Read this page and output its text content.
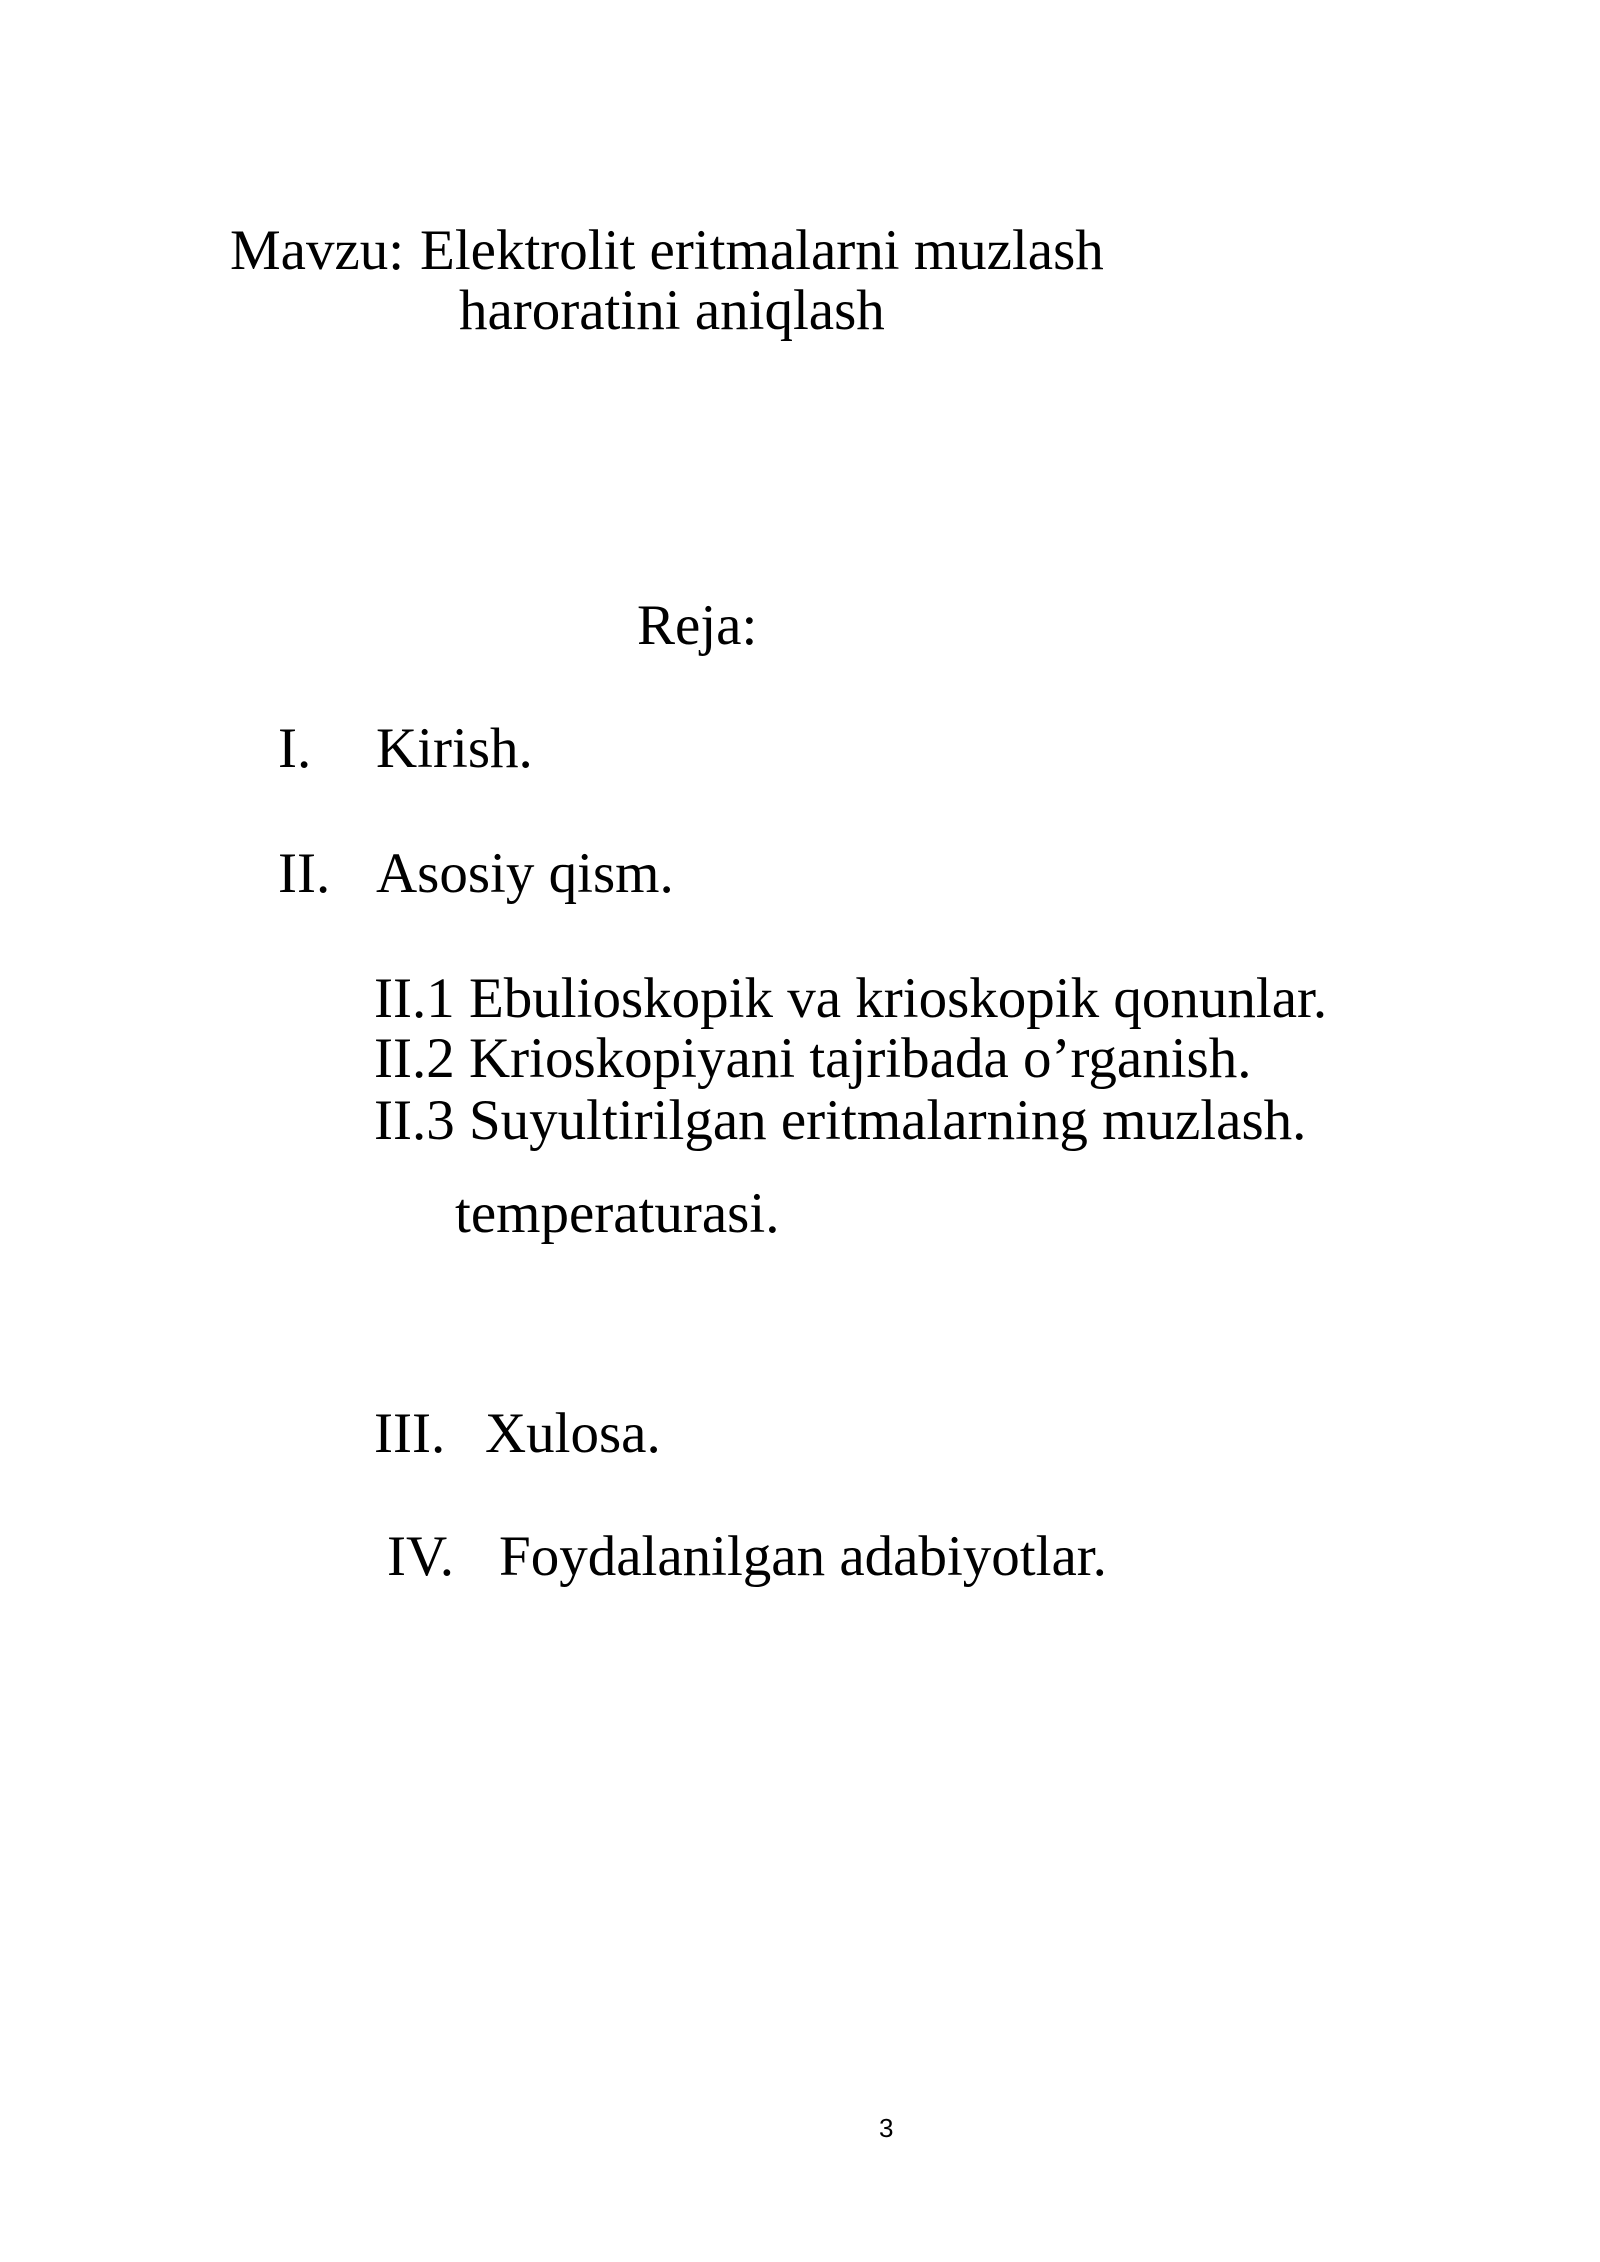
Mavzu: Elektrolit eritmalarni muzlash
haroratini aniqlash
Reja:
I. Kirish.
II. Asosiy qism.
II.1 Ebulioskopik va krioskopik qonunlar.
II.2 Krioskopiyani tajribada o’rganish.
II.3 Suyultirilgan eritmalarning muzlash.
temperaturasi.
III. Xulosa.
IV. Foydalanilgan adabiyotlar.
3
